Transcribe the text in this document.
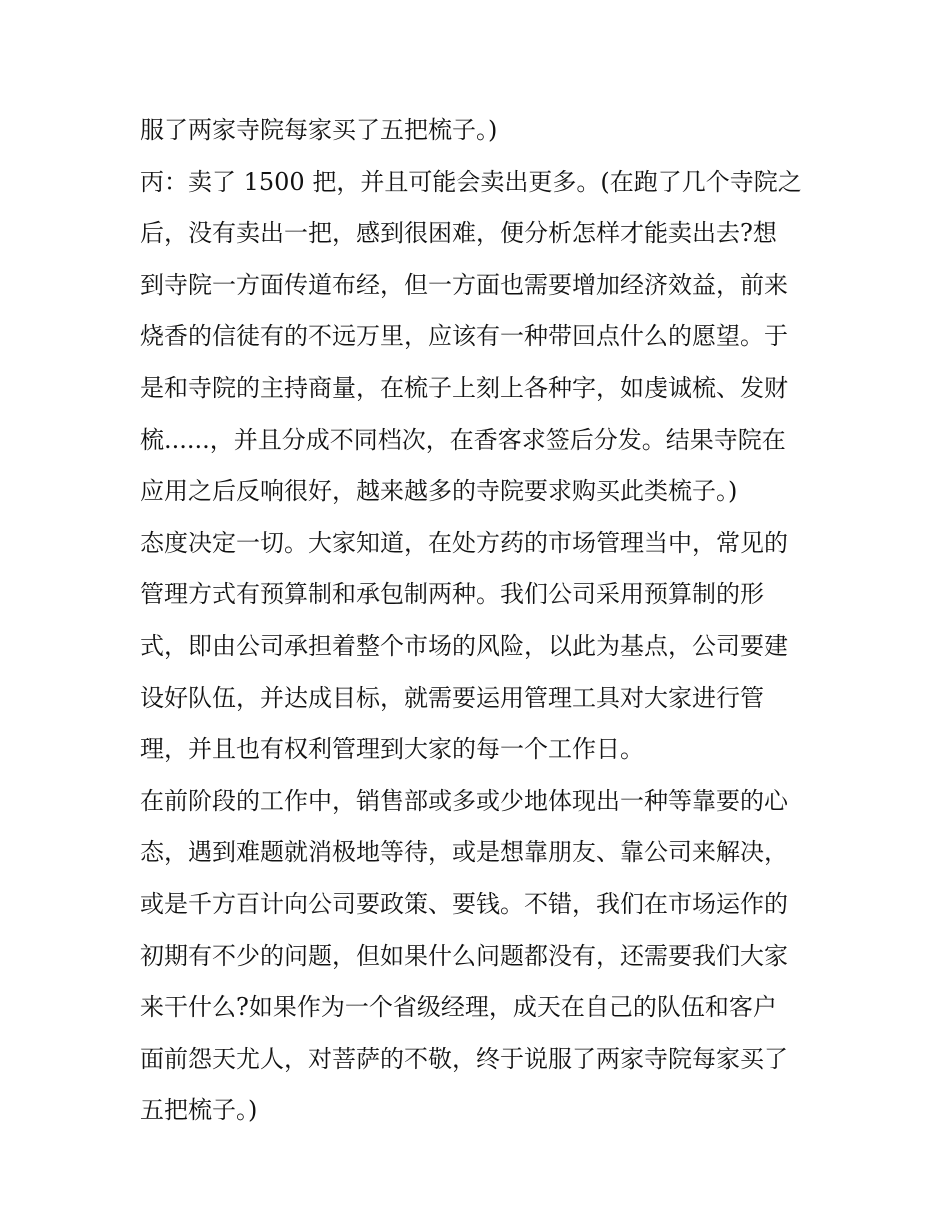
服了两家寺院每家买了五把梳子。)
丙：卖了 1500 把，并且可能会卖出更多。(在跑了几个寺院之
后，没有卖出一把，感到很困难，便分析怎样才能卖出去?想
到寺院一方面传道布经，但一方面也需要增加经济效益，前来
烧香的信徒有的不远万里，应该有一种带回点什么的愿望。于
是和寺院的主持商量，在梳子上刻上各种字，如虔诚梳、发财
梳......，并且分成不同档次，在香客求签后分发。结果寺院在
应用之后反响很好，越来越多的寺院要求购买此类梳子。)
态度决定一切。大家知道，在处方药的市场管理当中，常见的
管理方式有预算制和承包制两种。我们公司采用预算制的形
式，即由公司承担着整个市场的风险，以此为基点，公司要建
设好队伍，并达成目标，就需要运用管理工具对大家进行管
理，并且也有权利管理到大家的每一个工作日。
在前阶段的工作中，销售部或多或少地体现出一种等靠要的心
态，遇到难题就消极地等待，或是想靠朋友、靠公司来解决，
或是千方百计向公司要政策、要钱。不错，我们在市场运作的
初期有不少的问题，但如果什么问题都没有，还需要我们大家
来干什么?如果作为一个省级经理，成天在自己的队伍和客户
面前怨天尤人，对菩萨的不敬，终于说服了两家寺院每家买了
五把梳子。)
